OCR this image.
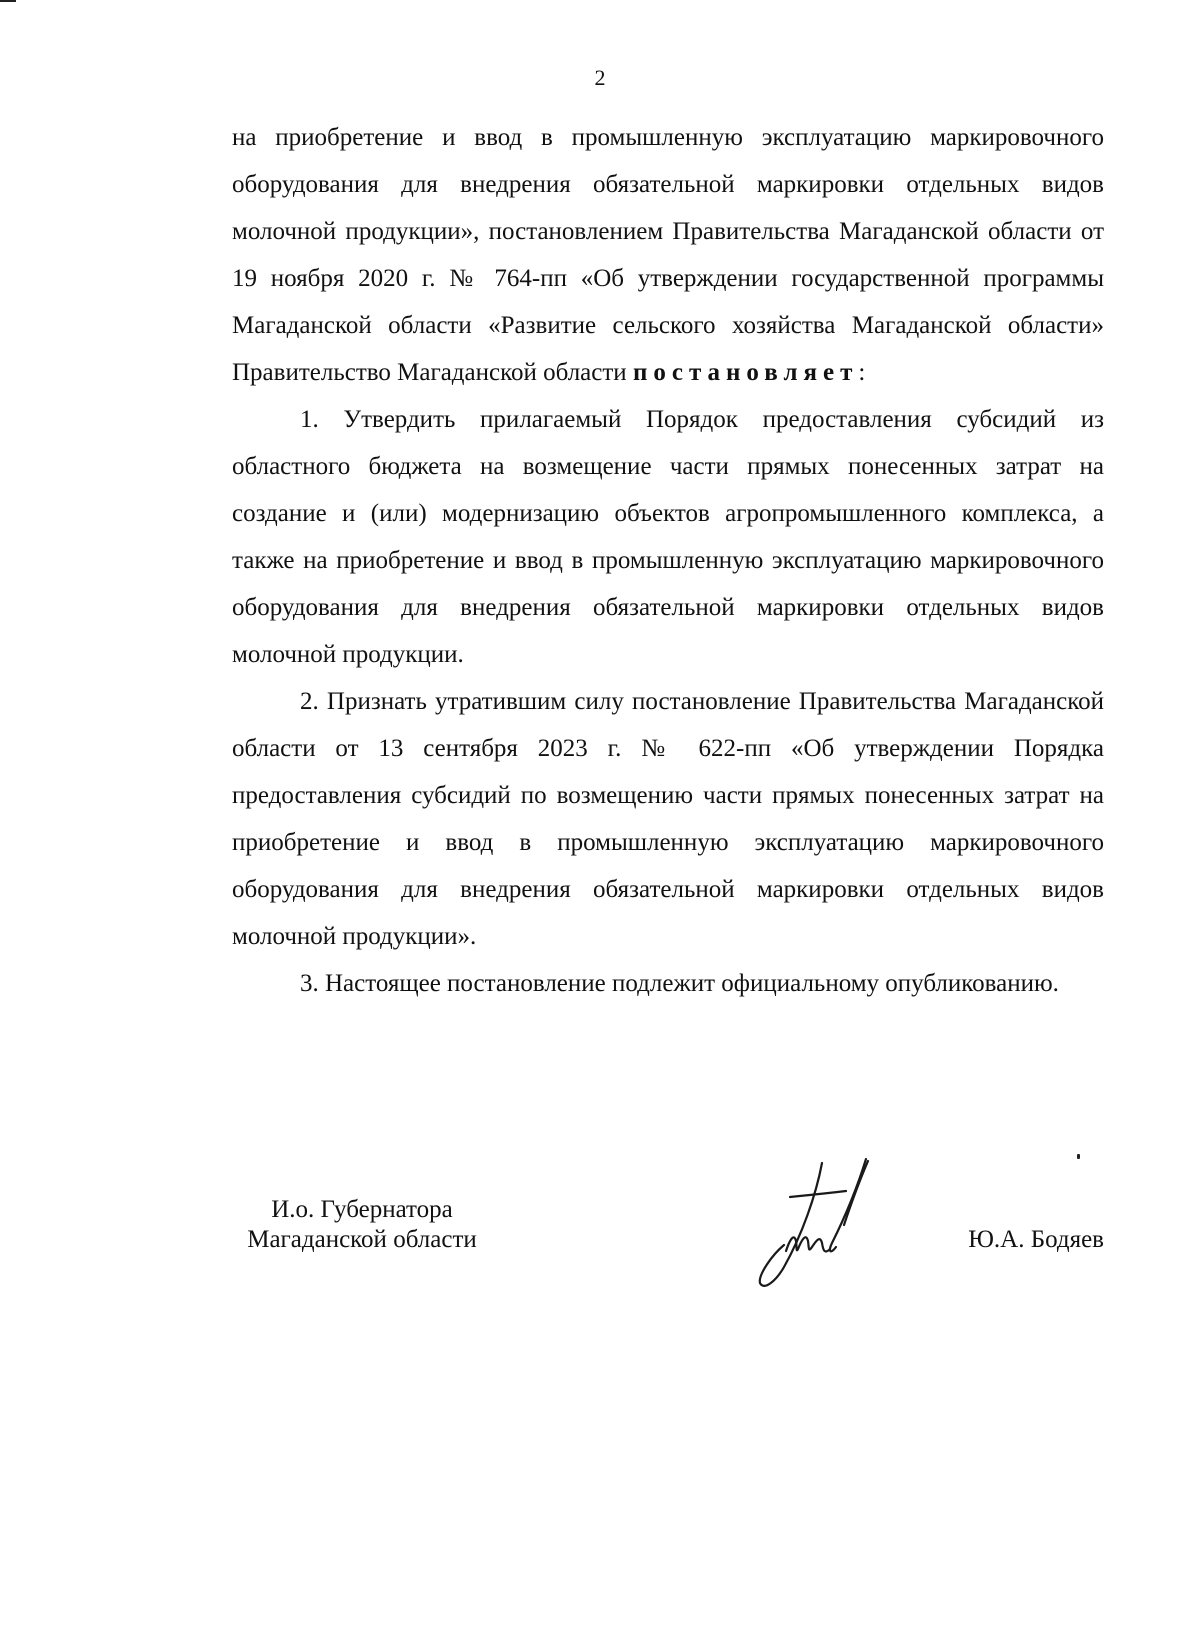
2

на приобретение и ввод в промышленную эксплуатацию маркировочного оборудования для внедрения обязательной маркировки отдельных видов молочной продукции», постановлением Правительства Магаданской области от 19 ноября 2020 г. № 764-пп «Об утверждении государственной программы Магаданской области «Развитие сельского хозяйства Магаданской области» Правительство Магаданской области постановляет:

1. Утвердить прилагаемый Порядок предоставления субсидий из областного бюджета на возмещение части прямых понесенных затрат на создание и (или) модернизацию объектов агропромышленного комплекса, а также на приобретение и ввод в промышленную эксплуатацию маркировочного оборудования для внедрения обязательной маркировки отдельных видов молочной продукции.

2. Признать утратившим силу постановление Правительства Магаданской области от 13 сентября 2023 г. № 622-пп «Об утверждении Порядка предоставления субсидий по возмещению части прямых понесенных затрат на приобретение и ввод в промышленную эксплуатацию маркировочного оборудования для внедрения обязательной маркировки отдельных видов молочной продукции».

3. Настоящее постановление подлежит официальному опубликованию.

И.о. Губернатора
Магаданской области	Ю.А. Бодяев
